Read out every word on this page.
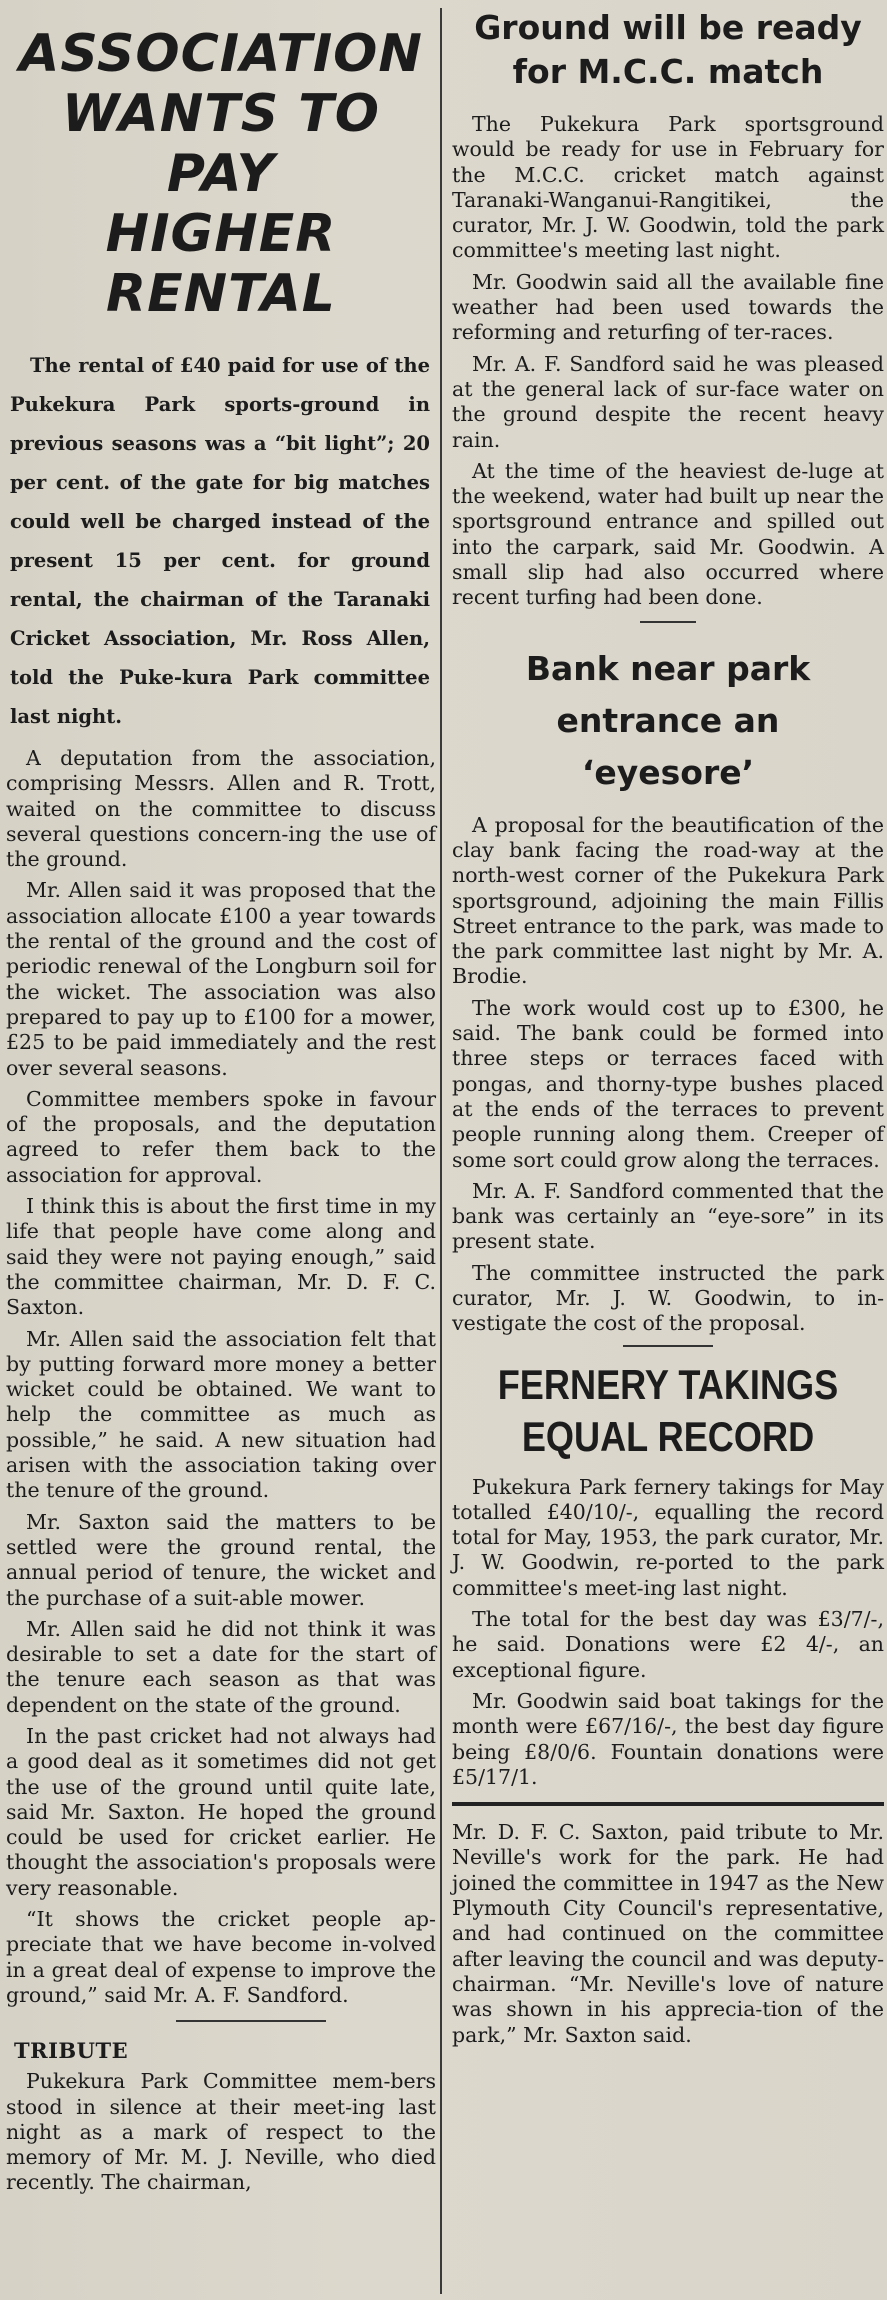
ASSOCIATION

WANTS TO PAY

HIGHER RENTAL

The rental of £40 paid for use of the Pukekura Park sports-ground in previous seasons was a “bit light”; 20 per cent. of the gate for big matches could well be charged instead of the present 15 per cent. for ground rental, the chairman of the Taranaki Cricket Association, Mr. Ross Allen, told the Puke-kura Park committee last night.

A deputation from the association, comprising Messrs. Allen and R. Trott, waited on the committee to discuss several questions concern-ing the use of the ground.

Mr. Allen said it was proposed that the association allocate £100 a year towards the rental of the ground and the cost of periodic renewal of the Longburn soil for the wicket. The association was also prepared to pay up to £100 for a mower, £25 to be paid immediately and the rest over several seasons.

Committee members spoke in favour of the proposals, and the deputation agreed to refer them back to the association for approval.

I think this is about the first time in my life that people have come along and said they were not paying enough,” said the committee chairman, Mr. D. F. C. Saxton.

Mr. Allen said the association felt that by putting forward more money a better wicket could be obtained. We want to help the committee as much as possible,” he said. A new situation had arisen with the association taking over the tenure of the ground.

Mr. Saxton said the matters to be settled were the ground rental, the annual period of tenure, the wicket and the purchase of a suit-able mower.

Mr. Allen said he did not think it was desirable to set a date for the start of the tenure each season as that was dependent on the state of the ground.

In the past cricket had not always had a good deal as it sometimes did not get the use of the ground until quite late, said Mr. Saxton. He hoped the ground could be used for cricket earlier. He thought the association's proposals were very reasonable.

“It shows the cricket people ap-preciate that we have become in-volved in a great deal of expense to improve the ground,” said Mr. A. F. Sandford.

TRIBUTE

Pukekura Park Committee mem-bers stood in silence at their meet-ing last night as a mark of respect to the memory of Mr. M. J. Neville, who died recently. The chairman,

Ground will be ready

for M.C.C. match

The Pukekura Park sportsground would be ready for use in February for the M.C.C. cricket match against Taranaki-Wanganui-Rangitikei, the curator, Mr. J. W. Goodwin, told the park committee's meeting last night.

Mr. Goodwin said all the available fine weather had been used towards the reforming and returfing of ter-races.

Mr. A. F. Sandford said he was pleased at the general lack of sur-face water on the ground despite the recent heavy rain.

At the time of the heaviest de-luge at the weekend, water had built up near the sportsground entrance and spilled out into the carpark, said Mr. Goodwin. A small slip had also occurred where recent turfing had been done.

Bank near park

entrance an

‘eyesore’

A proposal for the beautification of the clay bank facing the road-way at the north-west corner of the Pukekura Park sportsground, adjoining the main Fillis Street entrance to the park, was made to the park committee last night by Mr. A. Brodie.

The work would cost up to £300, he said. The bank could be formed into three steps or terraces faced with pongas, and thorny-type bushes placed at the ends of the terraces to prevent people running along them. Creeper of some sort could grow along the terraces.

Mr. A. F. Sandford commented that the bank was certainly an “eye-sore” in its present state.

The committee instructed the park curator, Mr. J. W. Goodwin, to in-vestigate the cost of the proposal.

FERNERY TAKINGS

EQUAL RECORD

Pukekura Park fernery takings for May totalled £40/10/-, equalling the record total for May, 1953, the park curator, Mr. J. W. Goodwin, re-ported to the park committee's meet-ing last night.

The total for the best day was £3/7/-, he said. Donations were £2 4/-, an exceptional figure.

Mr. Goodwin said boat takings for the month were £67/16/-, the best day figure being £8/0/6. Fountain donations were £5/17/1.

Mr. D. F. C. Saxton, paid tribute to Mr. Neville's work for the park. He had joined the committee in 1947 as the New Plymouth City Council's representative, and had continued on the committee after leaving the council and was deputy-chairman. “Mr. Neville's love of nature was shown in his apprecia-tion of the park,” Mr. Saxton said.
